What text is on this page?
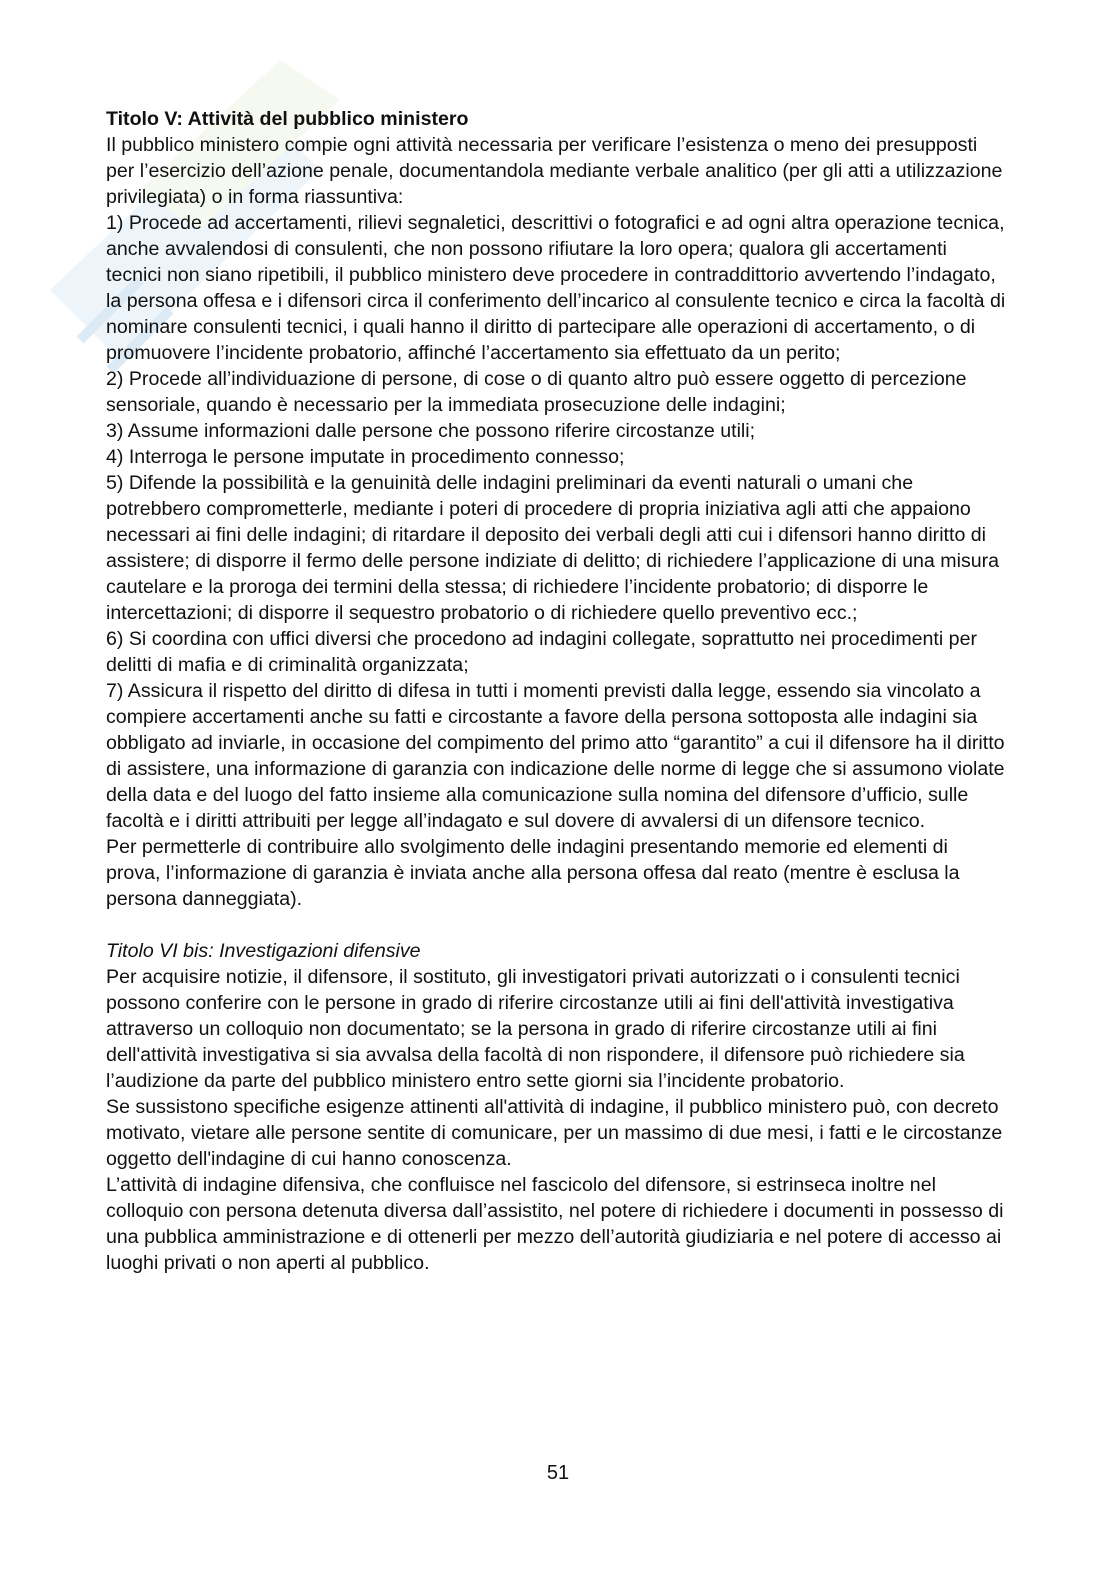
Titolo V: Attività del pubblico ministero

Il pubblico ministero compie ogni attività necessaria per verificare l’esistenza o meno dei presupposti per l’esercizio dell’azione penale, documentandola mediante verbale analitico (per gli atti a utilizzazione privilegiata) o in forma riassuntiva:

1) Procede ad accertamenti, rilievi segnaletici, descrittivi o fotografici e ad ogni altra operazione tecnica, anche avvalendosi di consulenti, che non possono rifiutare la loro opera; qualora gli accertamenti tecnici non siano ripetibili, il pubblico ministero deve procedere in contraddittorio avvertendo l’indagato, la persona offesa e i difensori circa il conferimento dell’incarico al consulente tecnico e circa la facoltà di nominare consulenti tecnici, i quali hanno il diritto di partecipare alle operazioni di accertamento, o di promuovere l’incidente probatorio, affinché l’accertamento sia effettuato da un perito;

2) Procede all’individuazione di persone, di cose o di quanto altro può essere oggetto di percezione sensoriale, quando è necessario per la immediata prosecuzione delle indagini;

3) Assume informazioni dalle persone che possono riferire circostanze utili;

4) Interroga le persone imputate in procedimento connesso;

5) Difende la possibilità e la genuinità delle indagini preliminari da eventi naturali o umani che potrebbero comprometterle, mediante i poteri di procedere di propria iniziativa agli atti che appaiono necessari ai fini delle indagini; di ritardare il deposito dei verbali degli atti cui i difensori hanno diritto di assistere; di disporre il fermo delle persone indiziate di delitto; di richiedere l’applicazione di una misura cautelare e la proroga dei termini della stessa; di richiedere l’incidente probatorio; di disporre le intercettazioni; di disporre il sequestro probatorio o di richiedere quello preventivo ecc.;

6) Si coordina con uffici diversi che procedono ad indagini collegate, soprattutto nei procedimenti per delitti di mafia e di criminalità organizzata;

7) Assicura il rispetto del diritto di difesa in tutti i momenti previsti dalla legge, essendo sia vincolato a compiere accertamenti anche su fatti e circostante a favore della persona sottoposta alle indagini sia obbligato ad inviarle, in occasione del compimento del primo atto “garantito” a cui il difensore ha il diritto di assistere, una informazione di garanzia con indicazione delle norme di legge che si assumono violate della data e del luogo del fatto insieme alla comunicazione sulla nomina del difensore d’ufficio, sulle facoltà e i diritti attribuiti per legge all’indagato e sul dovere di avvalersi di un difensore tecnico.

Per permetterle di contribuire allo svolgimento delle indagini presentando memorie ed elementi di prova, l’informazione di garanzia è inviata anche alla persona offesa dal reato (mentre è esclusa la persona danneggiata).

Titolo VI bis: Investigazioni difensive

Per acquisire notizie, il difensore, il sostituto, gli investigatori privati autorizzati o i consulenti tecnici possono conferire con le persone in grado di riferire circostanze utili ai fini dell'attività investigativa attraverso un colloquio non documentato; se la persona in grado di riferire circostanze utili ai fini dell'attività investigativa si sia avvalsa della facoltà di non rispondere, il difensore può richiedere sia l’audizione da parte del pubblico ministero entro sette giorni sia l’incidente probatorio.

Se sussistono specifiche esigenze attinenti all'attività di indagine, il pubblico ministero può, con decreto motivato, vietare alle persone sentite di comunicare, per un massimo di due mesi, i fatti e le circostanze oggetto dell'indagine di cui hanno conoscenza.

L’attività di indagine difensiva, che confluisce nel fascicolo del difensore, si estrinseca inoltre nel colloquio con persona detenuta diversa dall’assistito, nel potere di richiedere i documenti in possesso di una pubblica amministrazione e di ottenerli per mezzo dell’autorità giudiziaria e nel potere di accesso ai luoghi privati o non aperti al pubblico.

51
